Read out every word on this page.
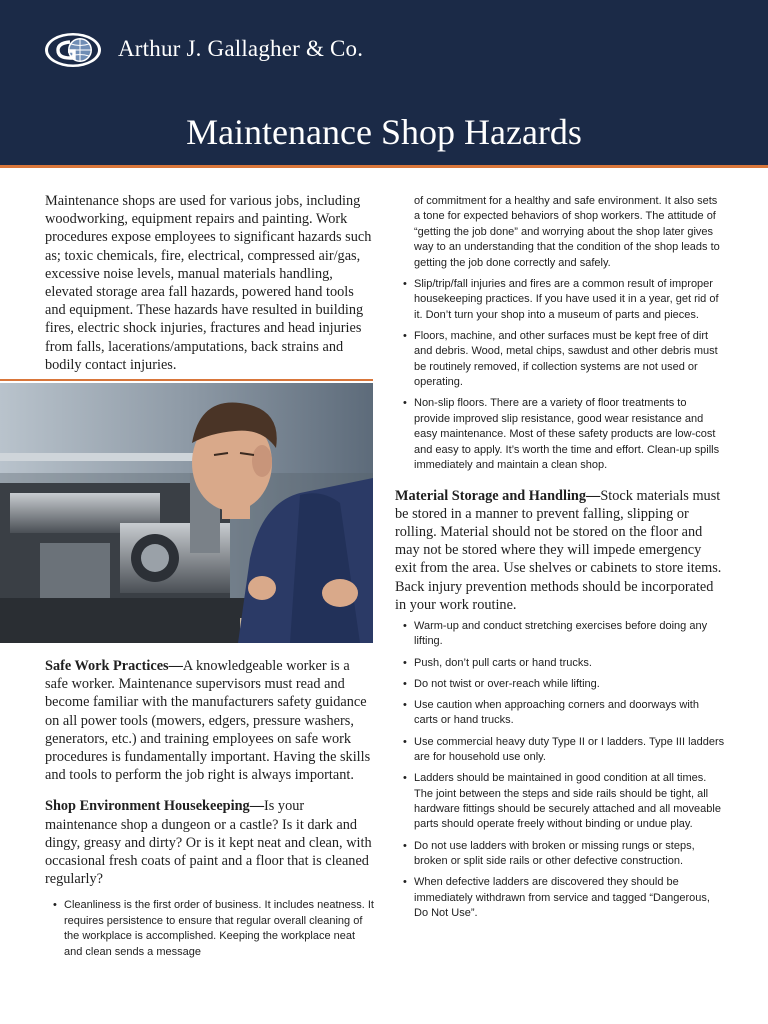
Arthur J. Gallagher & Co.
Maintenance Shop Hazards

Maintenance shops are used for various jobs, including woodworking, equipment repairs and painting. Work procedures expose employees to significant hazards such as; toxic chemicals, fire, electrical, compressed air/gas, excessive noise levels, manual materials handling, elevated storage area fall hazards, powered hand tools and equipment. These hazards have resulted in building fires, electric shock injuries, fractures and head injuries from falls, lacerations/amputations, back strains and bodily contact injuries.

Safe Work Practices—A knowledgeable worker is a safe worker. Maintenance supervisors must read and become familiar with the manufacturers safety guidance on all power tools (mowers, edgers, pressure washers, generators, etc.) and training employees on safe work procedures is fundamentally important. Having the skills and tools to perform the job right is always important.

Shop Environment Housekeeping—Is your maintenance shop a dungeon or a castle? Is it dark and dingy, greasy and dirty? Or is it kept neat and clean, with occasional fresh coats of paint and a floor that is cleaned regularly?

• Cleanliness is the first order of business. It includes neatness. It requires persistence to ensure that regular overall cleaning of the workplace is accomplished. Keeping the workplace neat and clean sends a message

of commitment for a healthy and safe environment. It also sets a tone for expected behaviors of shop workers. The attitude of “getting the job done” and worrying about the shop later gives way to an understanding that the condition of the shop leads to getting the job done correctly and safely.

• Slip/trip/fall injuries and fires are a common result of improper housekeeping practices. If you have used it in a year, get rid of it. Don’t turn your shop into a museum of parts and pieces.
• Floors, machine, and other surfaces must be kept free of dirt and debris. Wood, metal chips, sawdust and other debris must be routinely removed, if collection systems are not used or operating.
• Non-slip floors. There are a variety of floor treatments to provide improved slip resistance, good wear resistance and easy maintenance. Most of these safety products are low-cost and easy to apply. It’s worth the time and effort. Clean-up spills immediately and maintain a clean shop.

Material Storage and Handling—Stock materials must be stored in a manner to prevent falling, slipping or rolling. Material should not be stored on the floor and may not be stored where they will impede emergency exit from the area. Use shelves or cabinets to store items. Back injury prevention methods should be incorporated in your work routine.

• Warm-up and conduct stretching exercises before doing any lifting.
• Push, don’t pull carts or hand trucks.
• Do not twist or over-reach while lifting.
• Use caution when approaching corners and doorways with carts or hand trucks.
• Use commercial heavy duty Type II or I ladders. Type III ladders are for household use only.
• Ladders should be maintained in good condition at all times. The joint between the steps and side rails should be tight, all hardware fittings should be securely attached and all moveable parts should operate freely without binding or undue play.
• Do not use ladders with broken or missing rungs or steps, broken or split side rails or other defective construction.
• When defective ladders are discovered they should be immediately withdrawn from service and tagged “Dangerous, Do Not Use”.
